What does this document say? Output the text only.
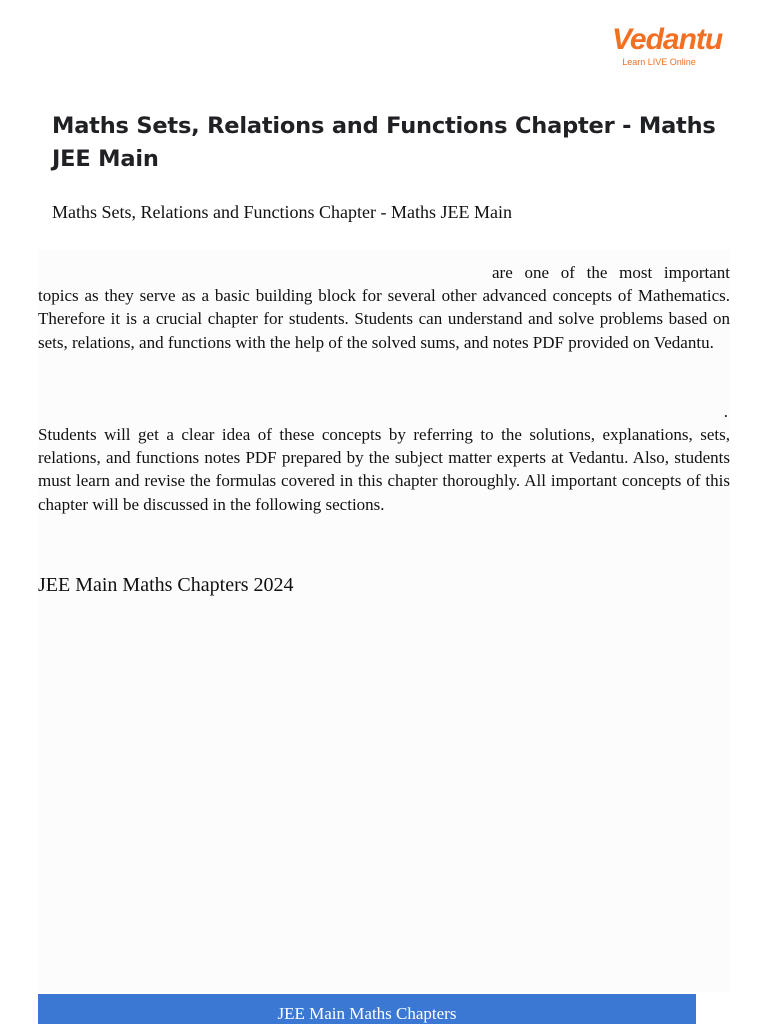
Vedantu
Learn LIVE Online
Maths Sets, Relations and Functions Chapter - Maths JEE Main
Maths Sets, Relations and Functions Chapter - Maths JEE Main

are one of the most important topics as they serve as a basic building block for several other advanced concepts of Mathematics. Therefore it is a crucial chapter for students. Students can understand and solve problems based on sets, relations, and functions with the help of the solved sums, and notes PDF provided on Vedantu.

.

Students will get a clear idea of these concepts by referring to the solutions, explanations, sets, relations, and functions notes PDF prepared by the subject matter experts at Vedantu. Also, students must learn and revise the formulas covered in this chapter thoroughly. All important concepts of this chapter will be discussed in the following sections.

JEE Main Maths Chapters 2024
JEE Main Maths Chapters
